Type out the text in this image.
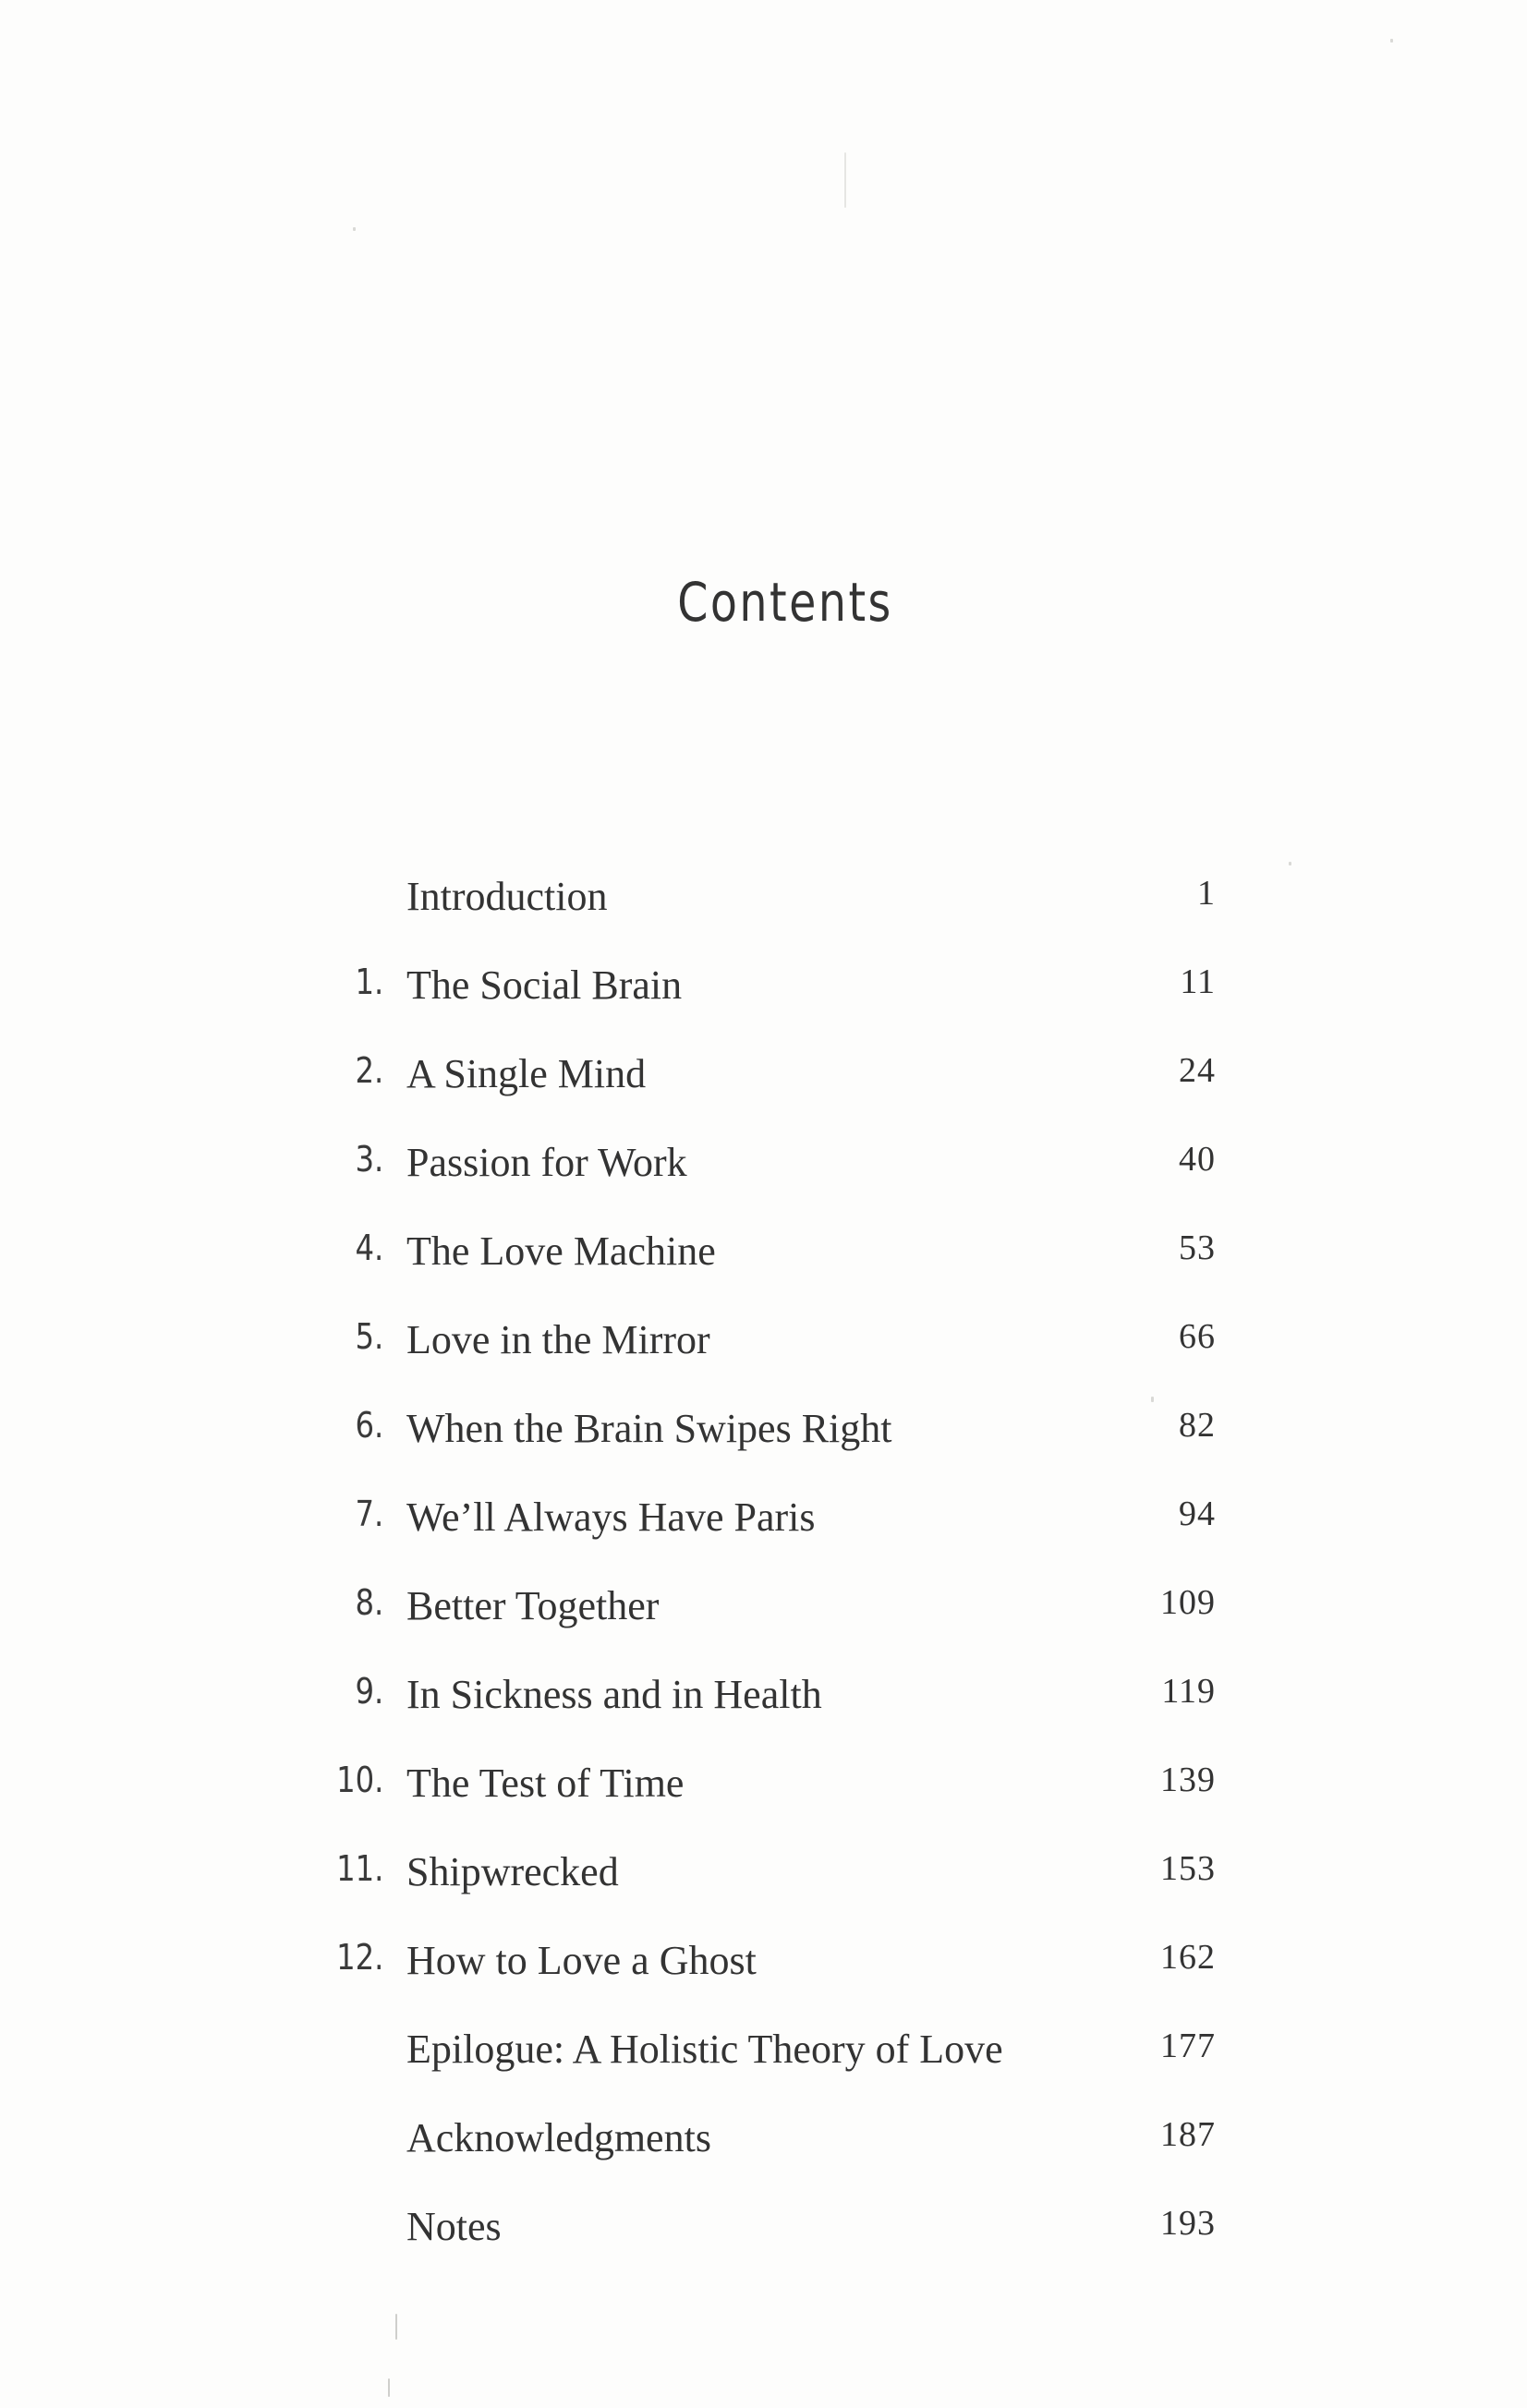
Contents
Introduction	1
1. The Social Brain	11
2. A Single Mind	24
3. Passion for Work	40
4. The Love Machine	53
5. Love in the Mirror	66
6. When the Brain Swipes Right	82
7. We’ll Always Have Paris	94
8. Better Together	109
9. In Sickness and in Health	119
10. The Test of Time	139
11. Shipwrecked	153
12. How to Love a Ghost	162
Epilogue: A Holistic Theory of Love	177
Acknowledgments	187
Notes	193
